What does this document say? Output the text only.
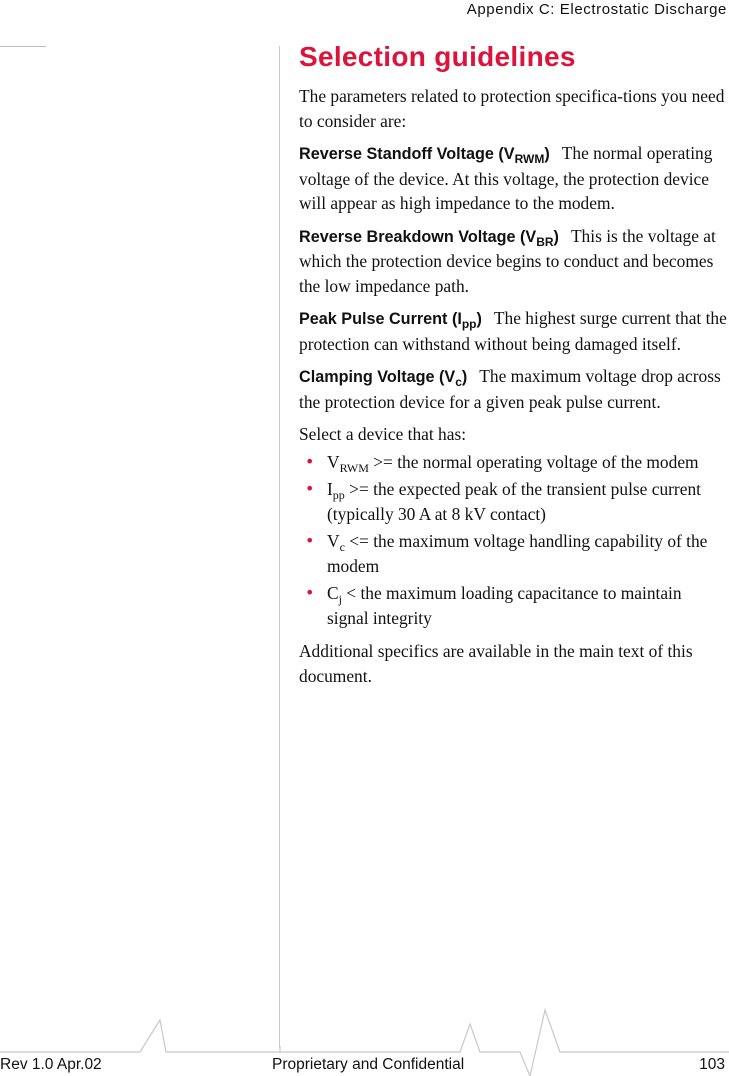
Appendix C: Electrostatic Discharge
Selection guidelines

The parameters related to protection specifica-tions you need to consider are:

Reverse Standoff Voltage $(V_{RWM})$ The normal operating voltage of the device. At this voltage, the protection device will appear as high impedance to the modem.

Reverse Breakdown Voltage $(V_{BR})$ This is the voltage at which the protection device begins to conduct and becomes the low impedance path.

Peak Pulse Current $(I_{pp})$ The highest surge current that the protection can withstand without being damaged itself.

Clamping Voltage $(V_c)$ The maximum voltage drop across the protection device for a given peak pulse current.

Select a device that has:

• $V_{RWM}$ >= the normal operating voltage of the modem
• $I_{pp}$ >= the expected peak of the transient pulse current (typically 30 A at 8 kV contact)
• $V_c$ <= the maximum voltage handling capability of the modem
• $C_j$ < the maximum loading capacitance to maintain signal integrity

Additional specifics are available in the main text of this document.

Rev 1.0 Apr.02	Proprietary and Confidential	103
